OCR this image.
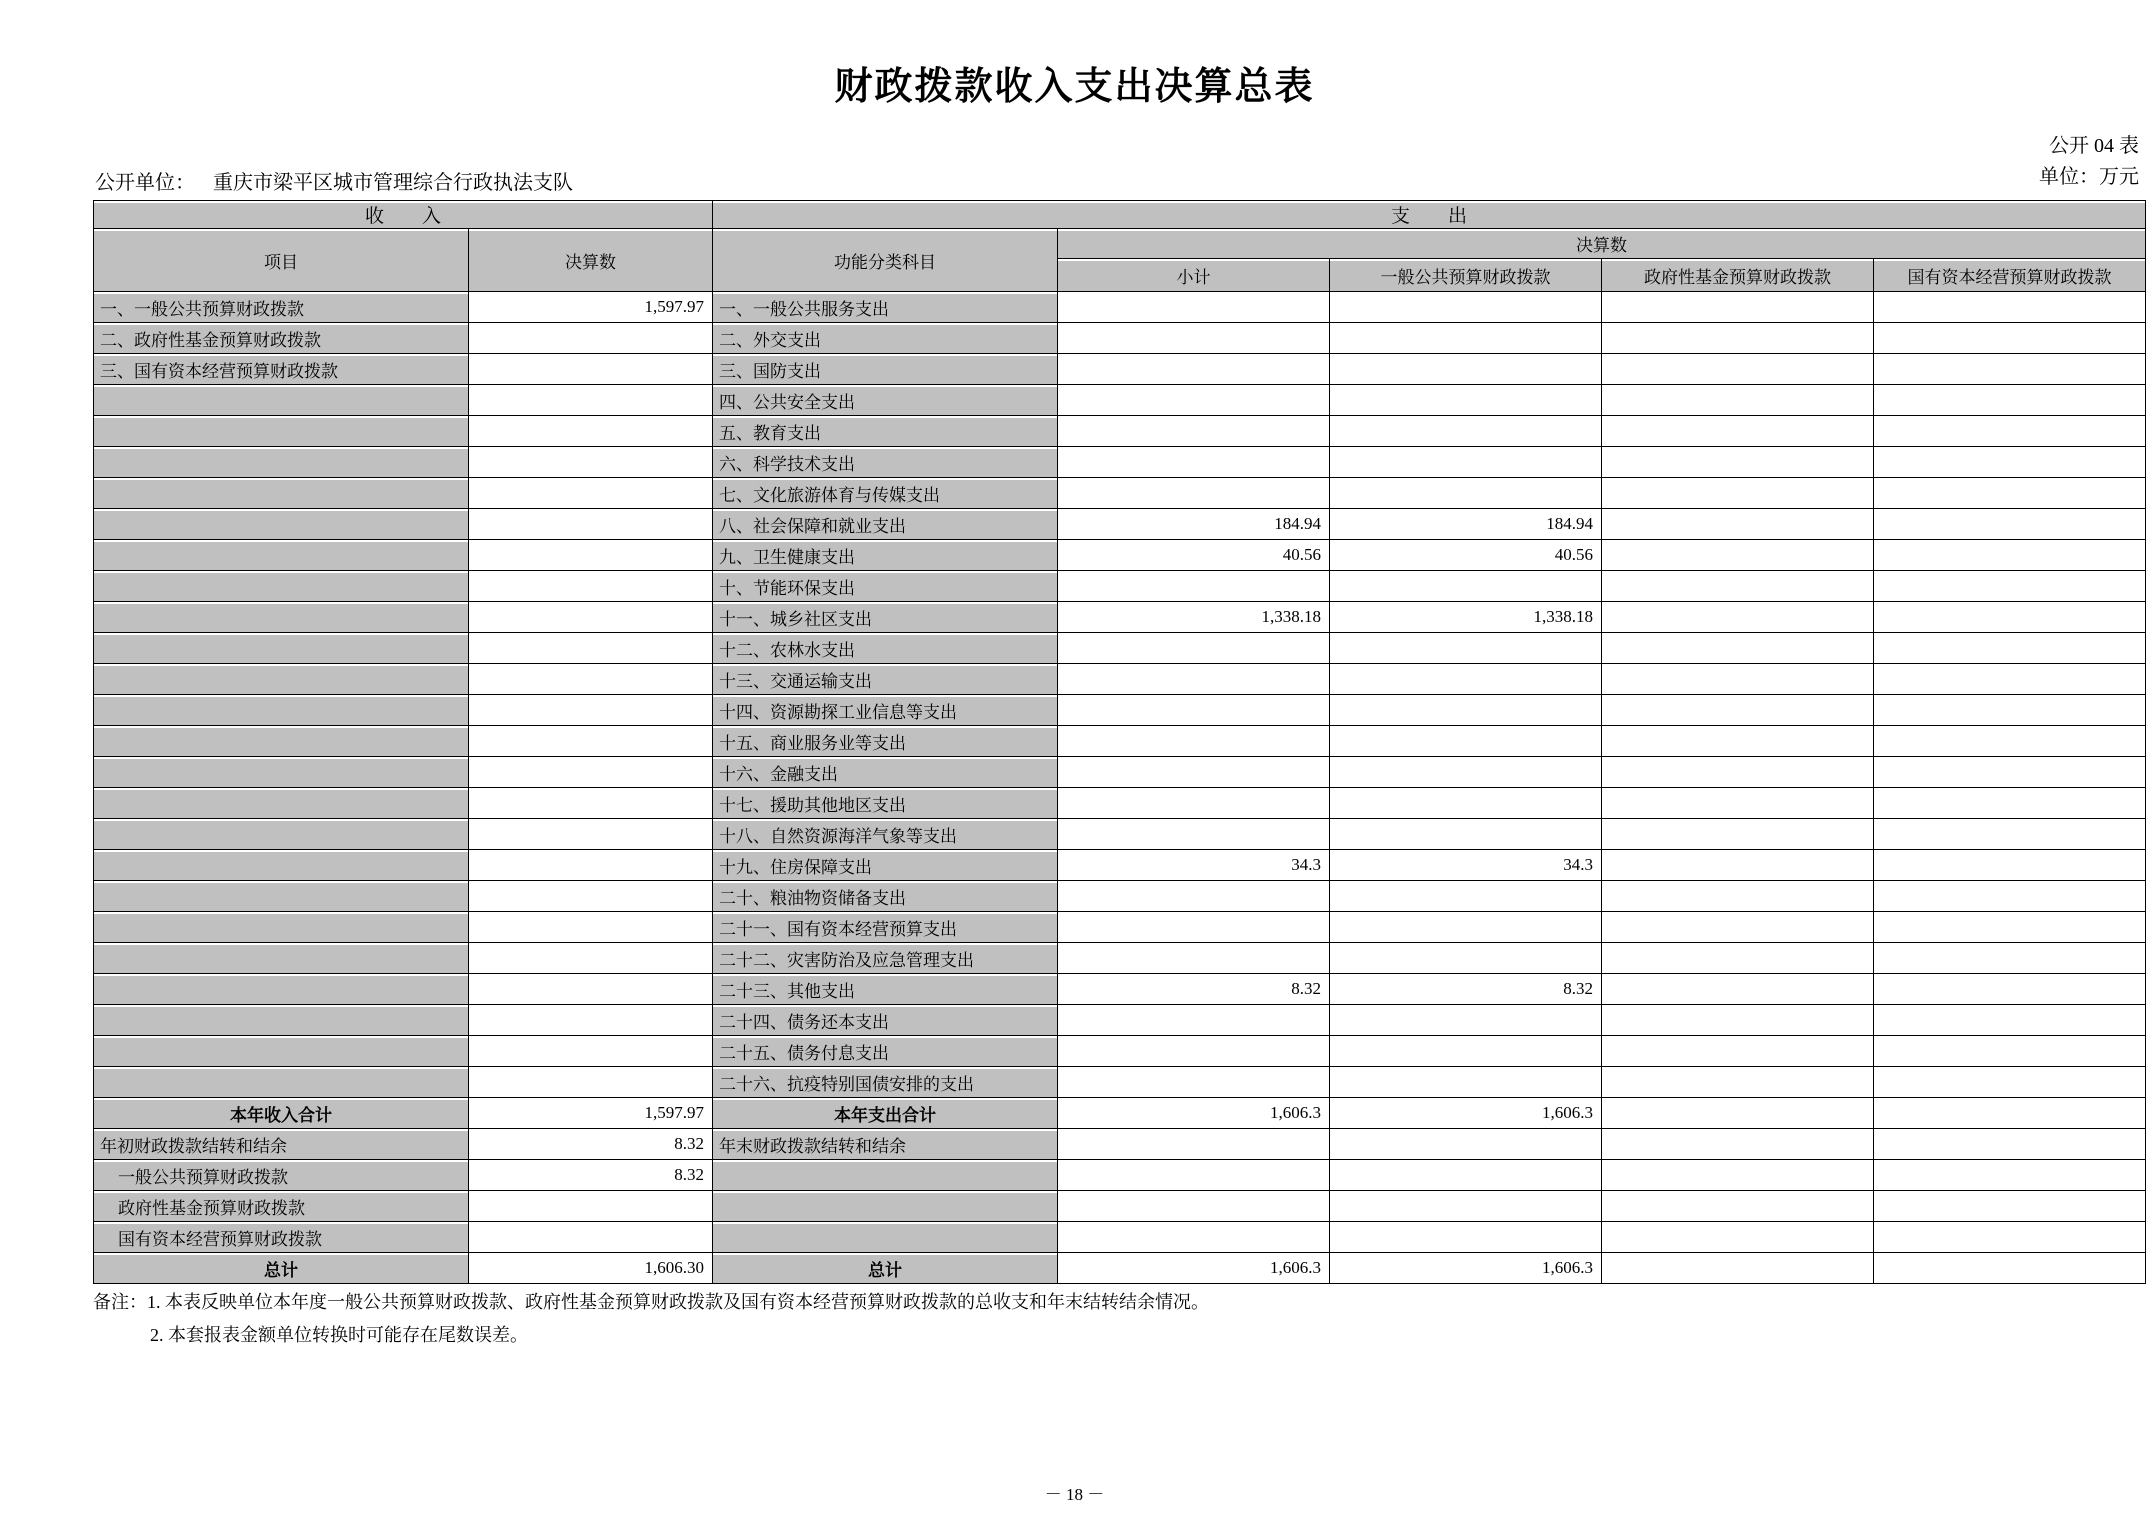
财政拨款收入支出决算总表
公开 04 表
单位：万元
公开单位： 重庆市梁平区城市管理综合行政执法支队
收　　入		支　　出				
项目	决算数	功能分类科目	决算数			
			小计	一般公共预算财政拨款	政府性基金预算财政拨款	国有资本经营预算财政拨款
一、一般公共预算财政拨款	1,597.97	一、一般公共服务支出				
二、政府性基金预算财政拨款		二、外交支出				
三、国有资本经营预算财政拨款		三、国防支出				
		四、公共安全支出				
		五、教育支出				
		六、科学技术支出				
		七、文化旅游体育与传媒支出				
		八、社会保障和就业支出	184.94	184.94		
		九、卫生健康支出	40.56	40.56		
		十、节能环保支出				
		十一、城乡社区支出	1,338.18	1,338.18		
		十二、农林水支出				
		十三、交通运输支出				
		十四、资源勘探工业信息等支出				
		十五、商业服务业等支出				
		十六、金融支出				
		十七、援助其他地区支出				
		十八、自然资源海洋气象等支出				
		十九、住房保障支出	34.3	34.3		
		二十、粮油物资储备支出				
		二十一、国有资本经营预算支出				
		二十二、灾害防治及应急管理支出				
		二十三、其他支出	8.32	8.32		
		二十四、债务还本支出				
		二十五、债务付息支出				
		二十六、抗疫特别国债安排的支出				
本年收入合计	1,597.97	本年支出合计	1,606.3	1,606.3		
年初财政拨款结转和结余	8.32	年末财政拨款结转和结余				
一般公共预算财政拨款	8.32					
政府性基金预算财政拨款						
国有资本经营预算财政拨款						
总计	1,606.30	总计	1,606.3	1,606.3		
备注：1. 本表反映单位本年度一般公共预算财政拨款、政府性基金预算财政拨款及国有资本经营预算财政拨款的总收支和年末结转结余情况。
2. 本套报表金额单位转换时可能存在尾数误差。
－ 18 －
